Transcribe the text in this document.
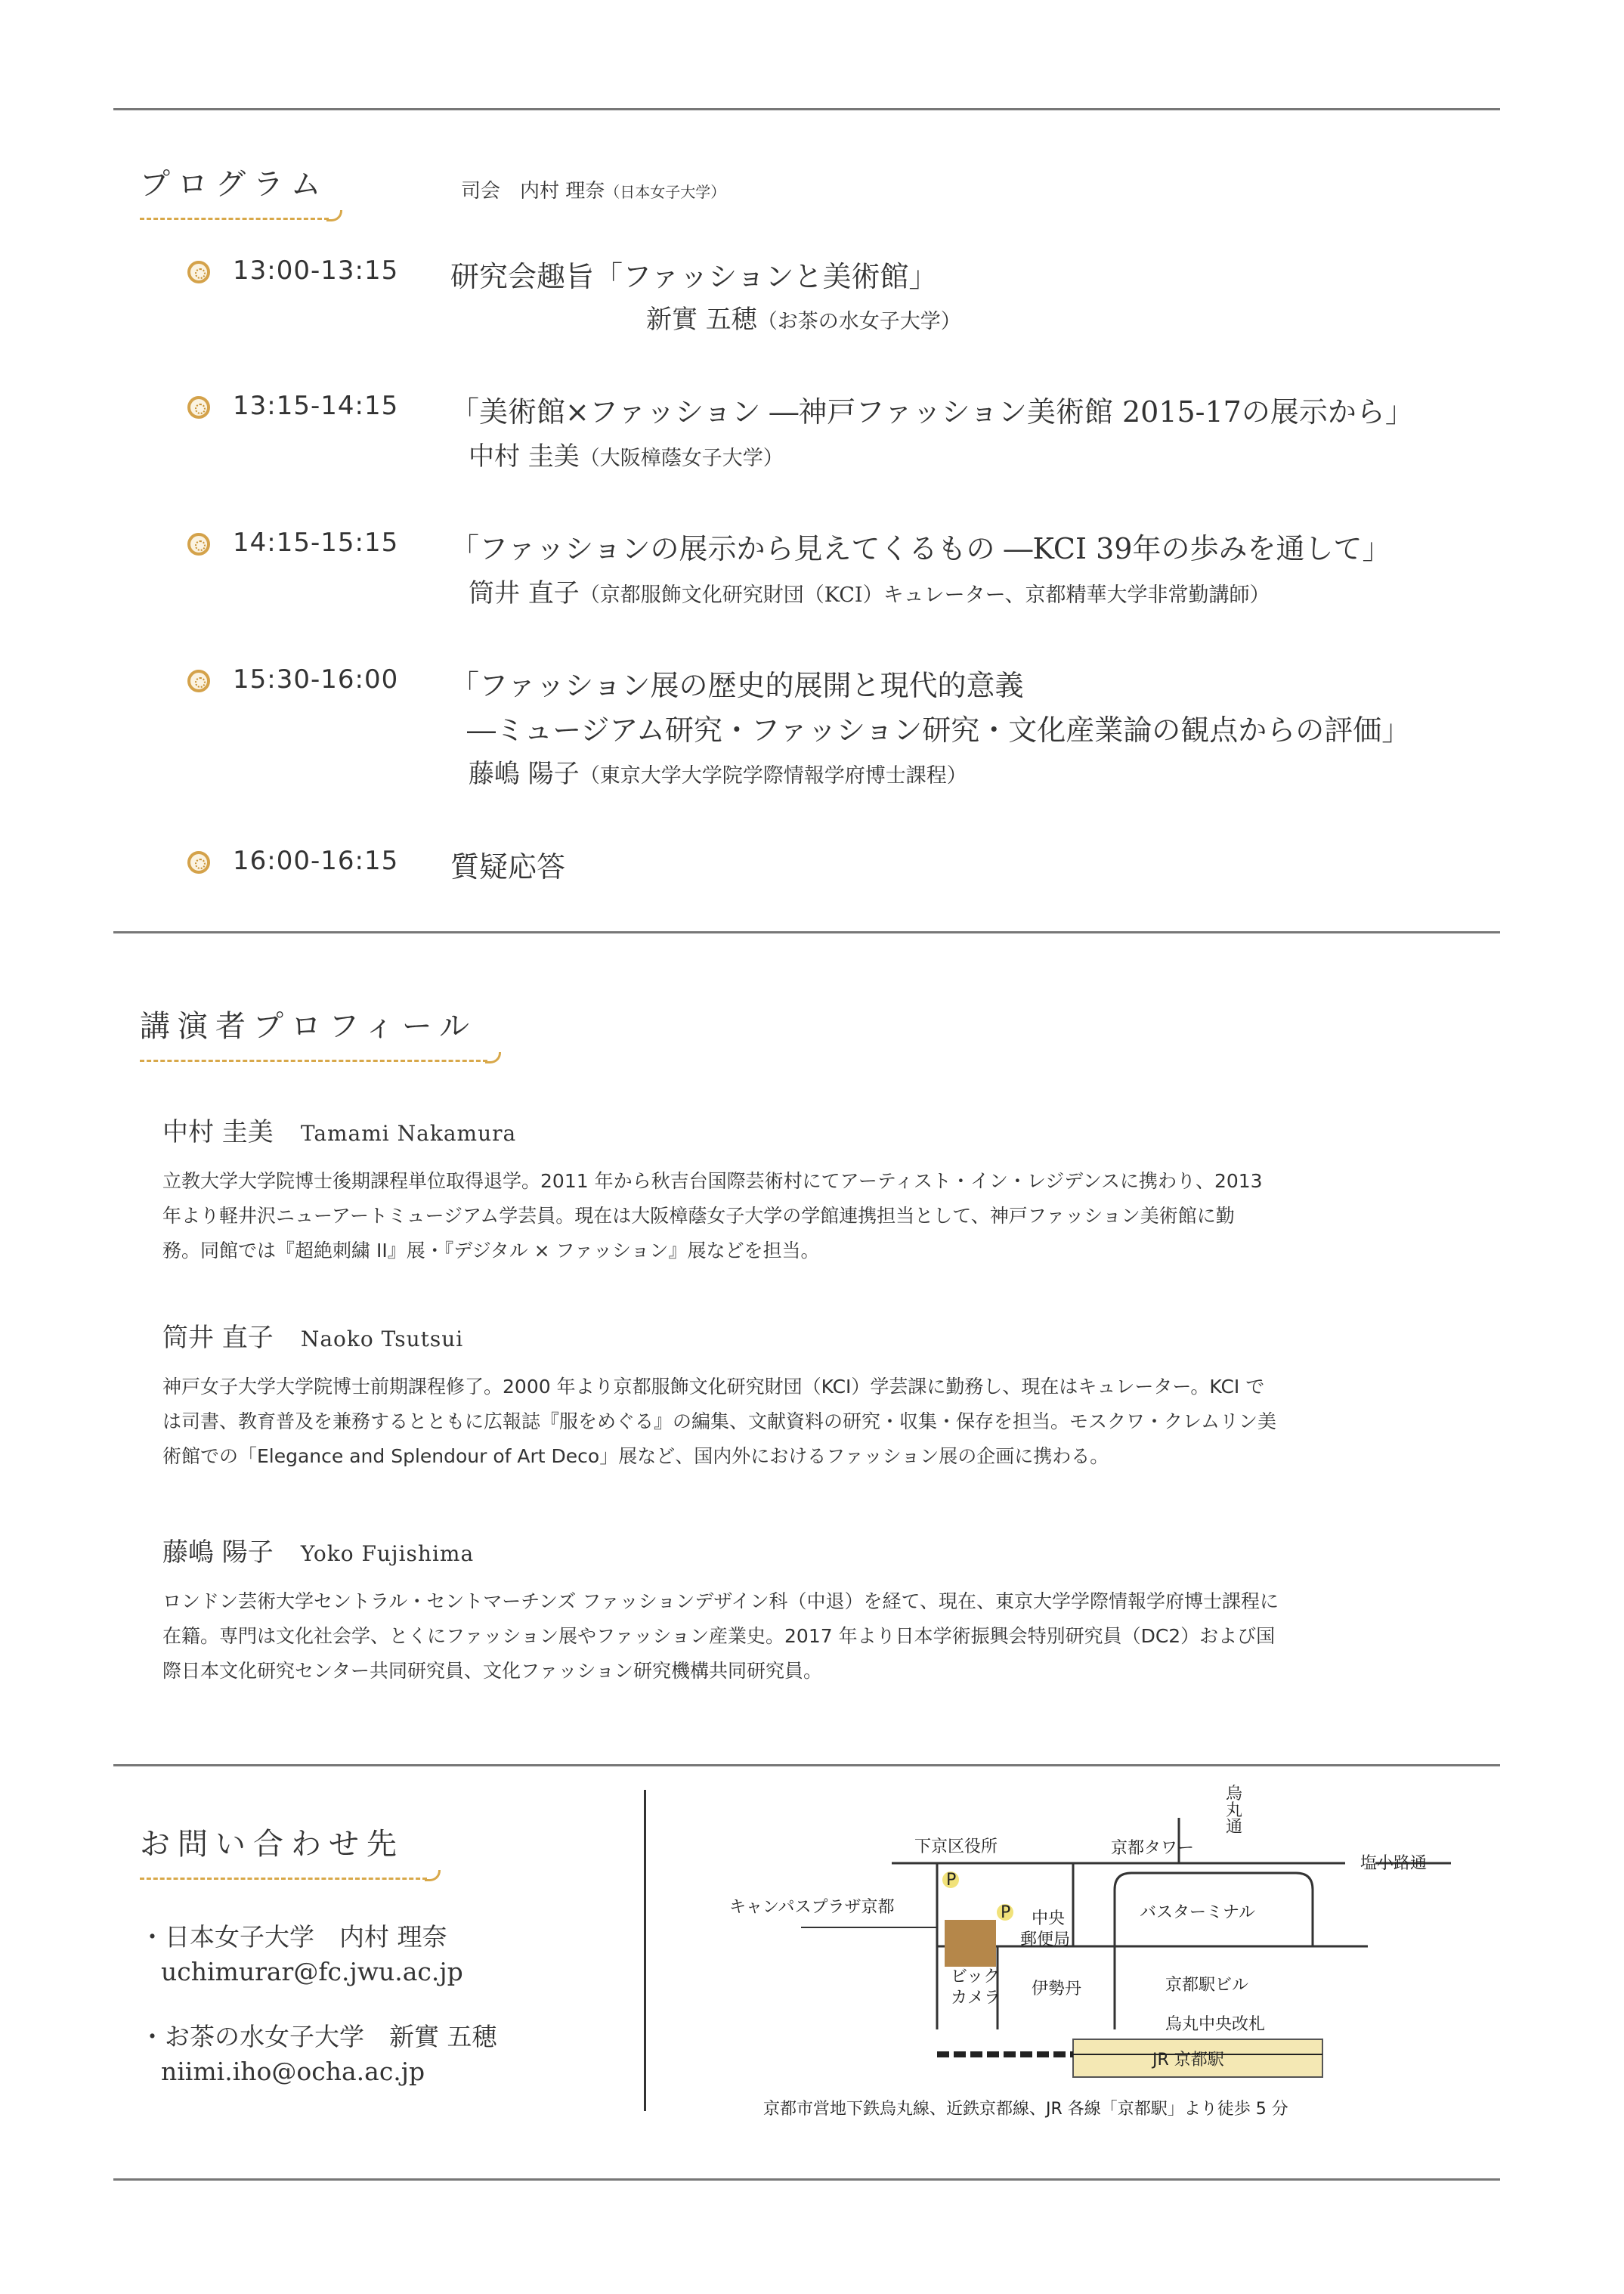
プログラム	司会　内村 理奈（日本女子大学）
13:00-13:15 研究会趣旨「ファッションと美術館」
新實 五穂（お茶の水女子大学）
13:15-14:15 「美術館×ファッション ―神戸ファッション美術館 2015-17の展示から」
中村 圭美（大阪樟蔭女子大学）
14:15-15:15 「ファッションの展示から見えてくるもの ―KCI 39年の歩みを通して」
筒井 直子（京都服飾文化研究財団（KCI）キュレーター、京都精華大学非常勤講師）
15:30-16:00 「ファッション展の歴史的展開と現代的意義
―ミュージアム研究・ファッション研究・文化産業論の観点からの評価」
藤嶋 陽子（東京大学大学院学際情報学府博士課程）
16:00-16:15 質疑応答
講演者プロフィール
中村 圭美 Tamami Nakamura

立教大学大学院博士後期課程単位取得退学。2011 年から秋吉台国際芸術村にてアーティスト・イン・レジデンスに携わり、2013
年より軽井沢ニューアートミュージアム学芸員。現在は大阪樟蔭女子大学の学館連携担当として、神戸ファッション美術館に勤
務。同館では『超絶刺繍 II』展・『デジタル × ファッション』展などを担当。

筒井 直子 Naoko Tsutsui

神戸女子大学大学院博士前期課程修了。2000 年より京都服飾文化研究財団（KCI）学芸課に勤務し、現在はキュレーター。KCI で
は司書、教育普及を兼務するとともに広報誌『服をめぐる』の編集、文献資料の研究・収集・保存を担当。モスクワ・クレムリン美
術館での「Elegance and Splendour of Art Deco」展など、国内外におけるファッション展の企画に携わる。

藤嶋 陽子 Yoko Fujishima

ロンドン芸術大学セントラル・セントマーチンズ ファッションデザイン科（中退）を経て、現在、東京大学学際情報学府博士課程に
在籍。専門は文化社会学、とくにファッション展やファッション産業史。2017 年より日本学術振興会特別研究員（DC2）および国
際日本文化研究センター共同研究員、文化ファッション研究機構共同研究員。

お問い合わせ先
・日本女子大学　内村 理奈
uchimurar@fc.jwu.ac.jp
・お茶の水女子大学　新實 五穂
niimi.iho@ocha.ac.jp
P
P
下京区役所	京都タワー
烏丸通
塩小路通
キャンパスプラザ京都
中央郵便局
バスターミナル
ビックカメラ 伊勢丹	京都駅ビル
烏丸中央改札
JR 京都駅
京都市営地下鉄烏丸線、近鉄京都線、JR 各線「京都駅」より徒歩 5 分
